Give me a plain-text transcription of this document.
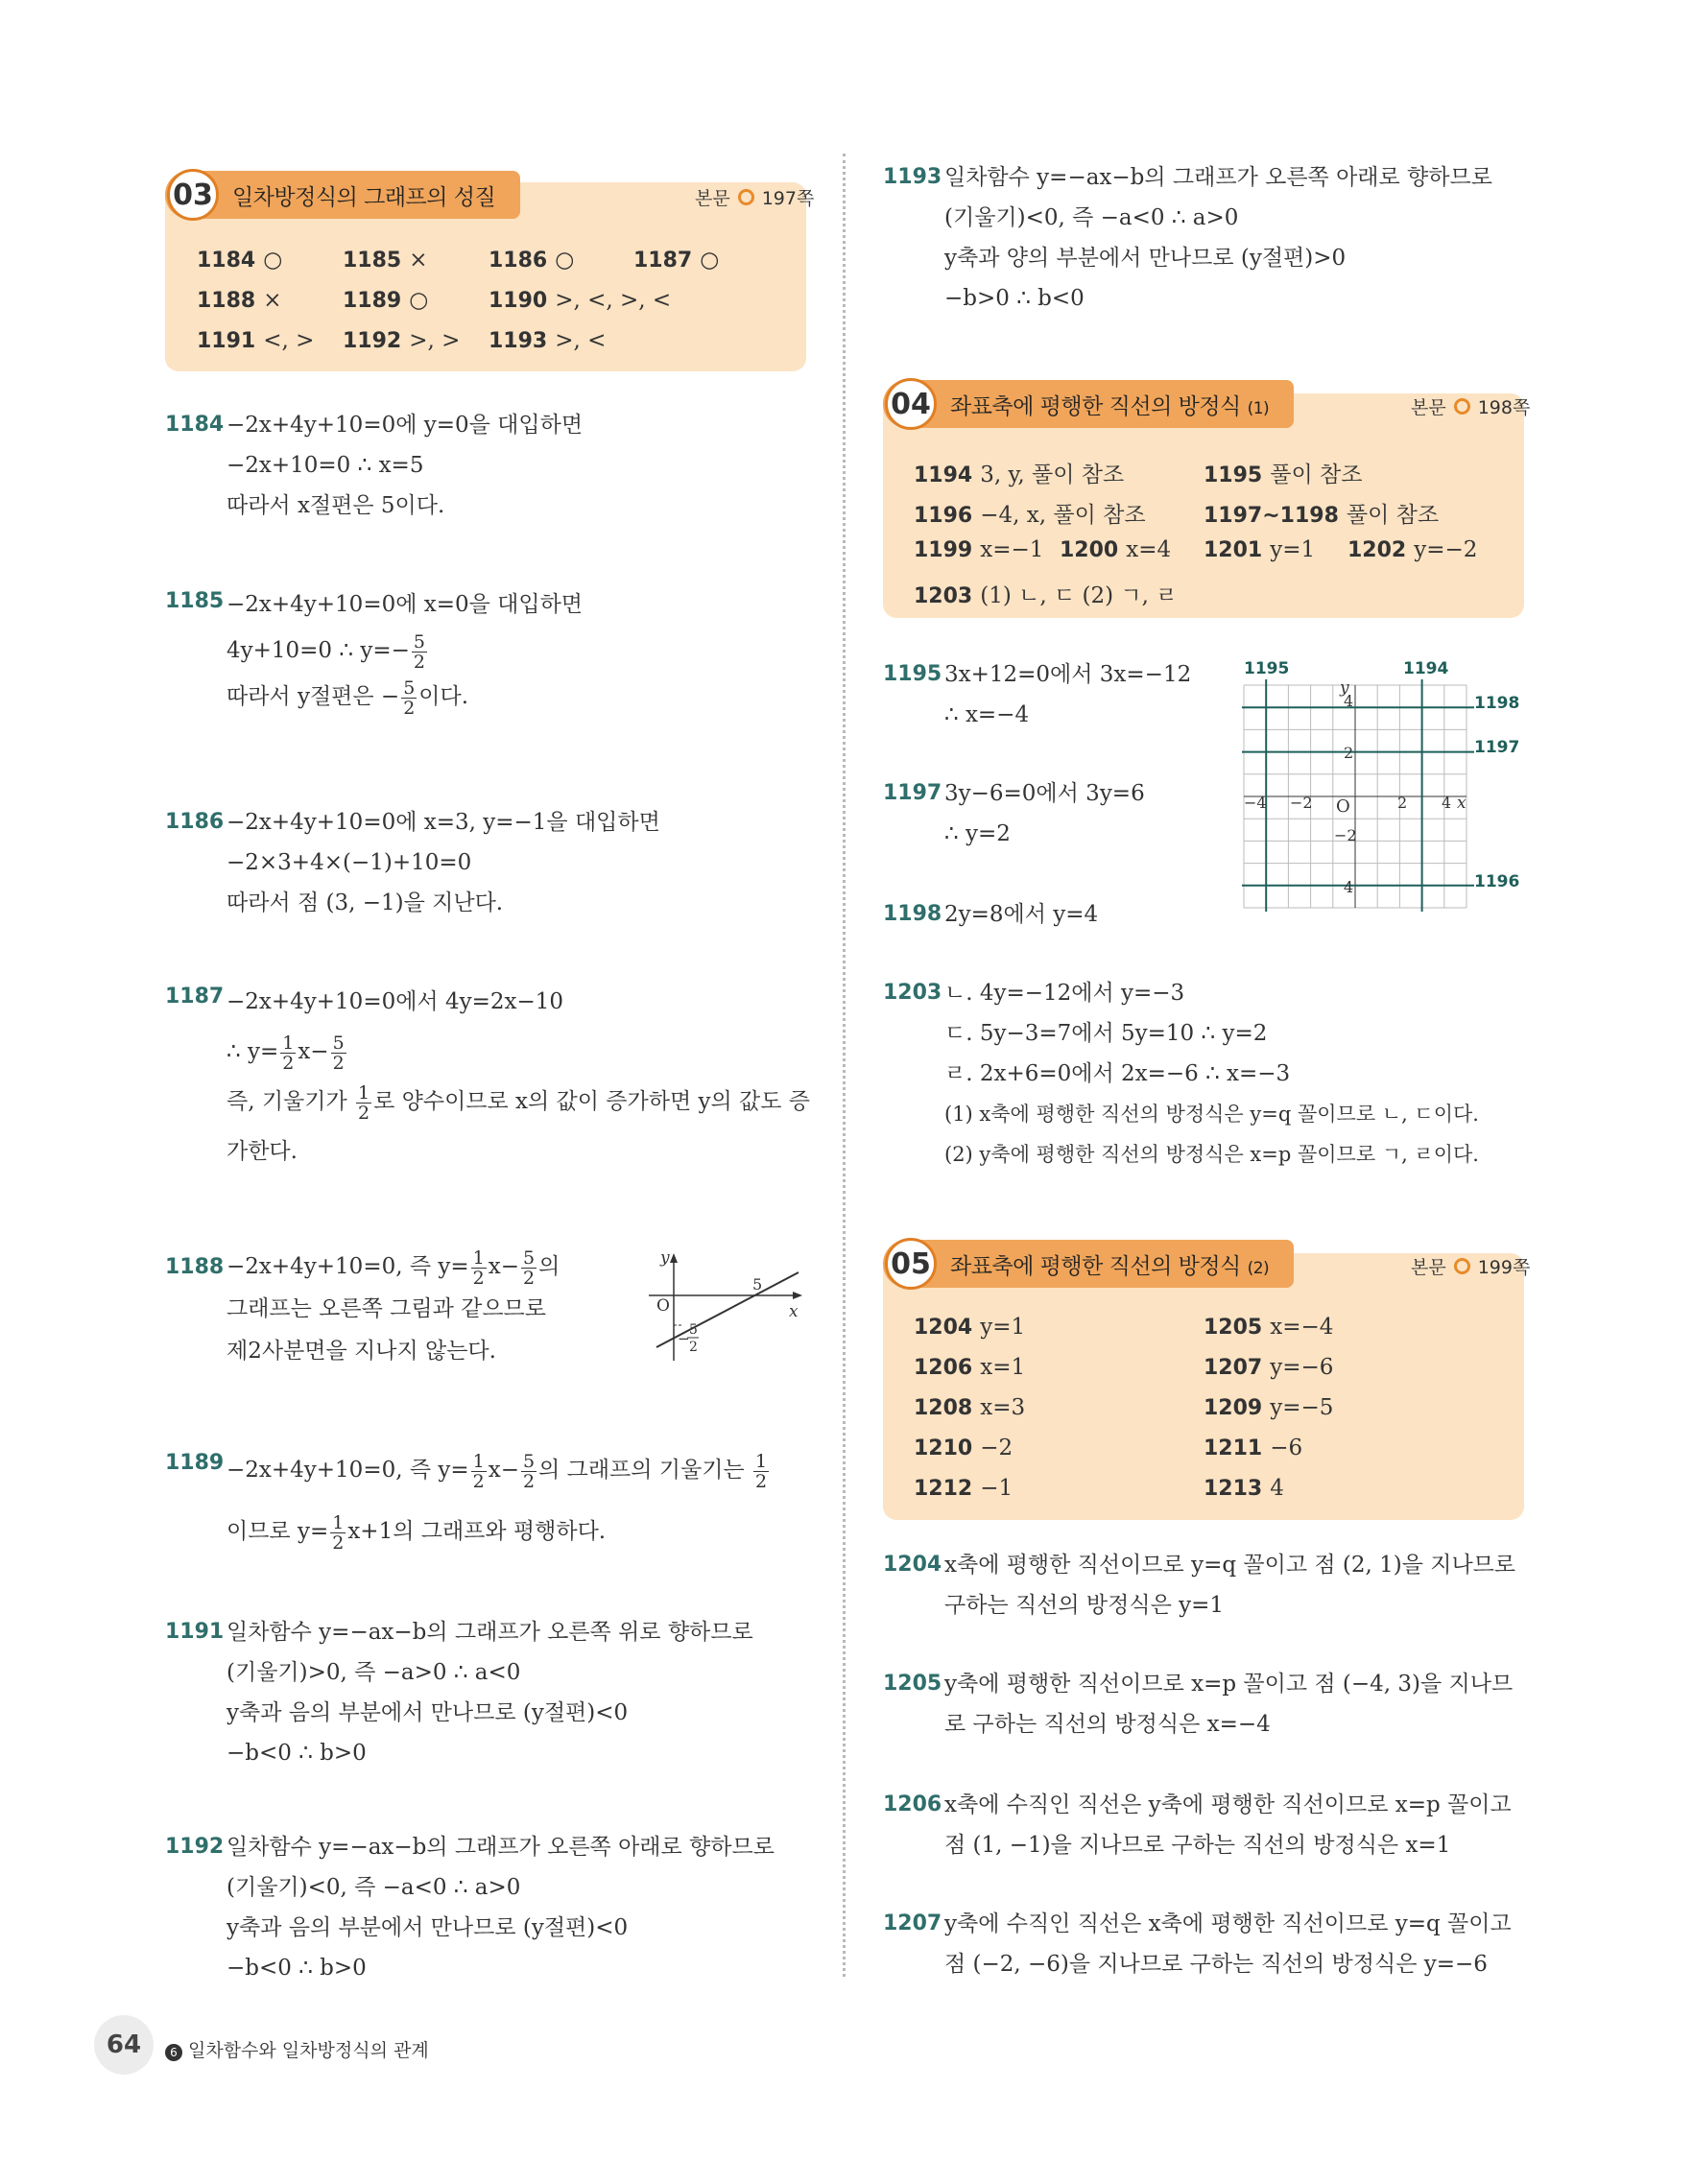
03 일차방정식의 그래프의 성질	본문 197쪽
1184 ○	1185 ×	1186 ○	1187 ○
1188 ×	1189 ○	1190 >, <, >, <
1191 <, > 1192 >, > 1193 >, <
1184 −2x+4y+10=0에 y=0을 대입하면
−2x+10=0 ∴ x=5
따라서 x절편은 5이다.
1185 −2x+4y+10=0에 x=0을 대입하면
4y+10=0 ∴ $y=- \frac{5}{2}$
따라서 y절편은 − $\frac{5}{2}$ 이다.
1186 −2x+4y+10=0에 x=3, y=−1을 대입하면
−2×3+4×(−1)+10=0
따라서 점 (3, −1)을 지난다.
1187 −2x+4y+10=0에서 4y=2x−10
∴ $y= \frac{1}{2} x- \frac{5}{2}$
즉, 기울기가 $\frac{1}{2}$ 로 양수이므로 x의 값이 증가하면 y의 값도 증
가한다.
1188 −2x+4y+10=0, 즉 $y= \frac{1}{2} x- \frac{5}{2}$ 의
그래프는 오른쪽 그림과 같으므로
제2사분면을 지나지 않는다.
y
x
O
5
− 5
2
1189 −2x+4y+10=0, 즉 $y= \frac{1}{2} x- \frac{5}{2}$ 의 그래프의 기울기는 $\frac{1}{2}$
이므로 $y= \frac{1}{2} x+1$의 그래프와 평행하다.
1191 일차함수 y=−ax−b의 그래프가 오른쪽 위로 향하므로
(기울기)>0, 즉 −a>0 ∴ a<0
y축과 음의 부분에서 만나므로 (y절편)<0
−b<0 ∴ b>0
1192 일차함수 y=−ax−b의 그래프가 오른쪽 아래로 향하므로
(기울기)<0, 즉 −a<0 ∴ a>0
y축과 음의 부분에서 만나므로 (y절편)<0
−b<0 ∴ b>0
1193 일차함수 y=−ax−b의 그래프가 오른쪽 아래로 향하므로
(기울기)<0, 즉 −a<0 ∴ a>0
y축과 양의 부분에서 만나므로 (y절편)>0
−b>0 ∴ b<0
04 좌표축에 평행한 직선의 방정식 (1)	본문 198쪽
1194 3, y, 풀이 참조	1195 풀이 참조
1196 −4, x, 풀이 참조	1197~1198 풀이 참조
1199 x=−1 1200 x=4 1201 y=1 1202 y=−2
1203 (1) ㄴ, ㄷ (2) ㄱ, ㄹ
1195 3x+12=0에서 3x=−12
∴ x=−4
1197 3y−6=0에서 3y=6
∴ y=2
1198 2y=8에서 y=4
1195	1194
1198
1197
1196
y
x
O
−4 −2	2 4
4
2
−2
4
1203 ㄴ. 4y=−12에서 y=−3
ㄷ. 5y−3=7에서 5y=10 ∴ y=2
ㄹ. 2x+6=0에서 2x=−6 ∴ x=−3
(1) x축에 평행한 직선의 방정식은 y=q 꼴이므로 ㄴ, ㄷ이다.
(2) y축에 평행한 직선의 방정식은 x=p 꼴이므로 ㄱ, ㄹ이다.
05 좌표축에 평행한 직선의 방정식 (2)	본문 199쪽
1204 y=1	1205 x=−4
1206 x=1	1207 y=−6
1208 x=3	1209 y=−5
1210 −2	1211 −6
1212 −1	1213 4
1204 x축에 평행한 직선이므로 y=q 꼴이고 점 (2, 1)을 지나므로
구하는 직선의 방정식은 y=1
1205 y축에 평행한 직선이므로 x=p 꼴이고 점 (−4, 3)을 지나므
로 구하는 직선의 방정식은 x=−4
1206 x축에 수직인 직선은 y축에 평행한 직선이므로 x=p 꼴이고
점 (1, −1)을 지나므로 구하는 직선의 방정식은 x=1
1207 y축에 수직인 직선은 x축에 평행한 직선이므로 y=q 꼴이고
점 (−2, −6)을 지나므로 구하는 직선의 방정식은 y=−6
64	6 일차함수와 일차방정식의 관계
